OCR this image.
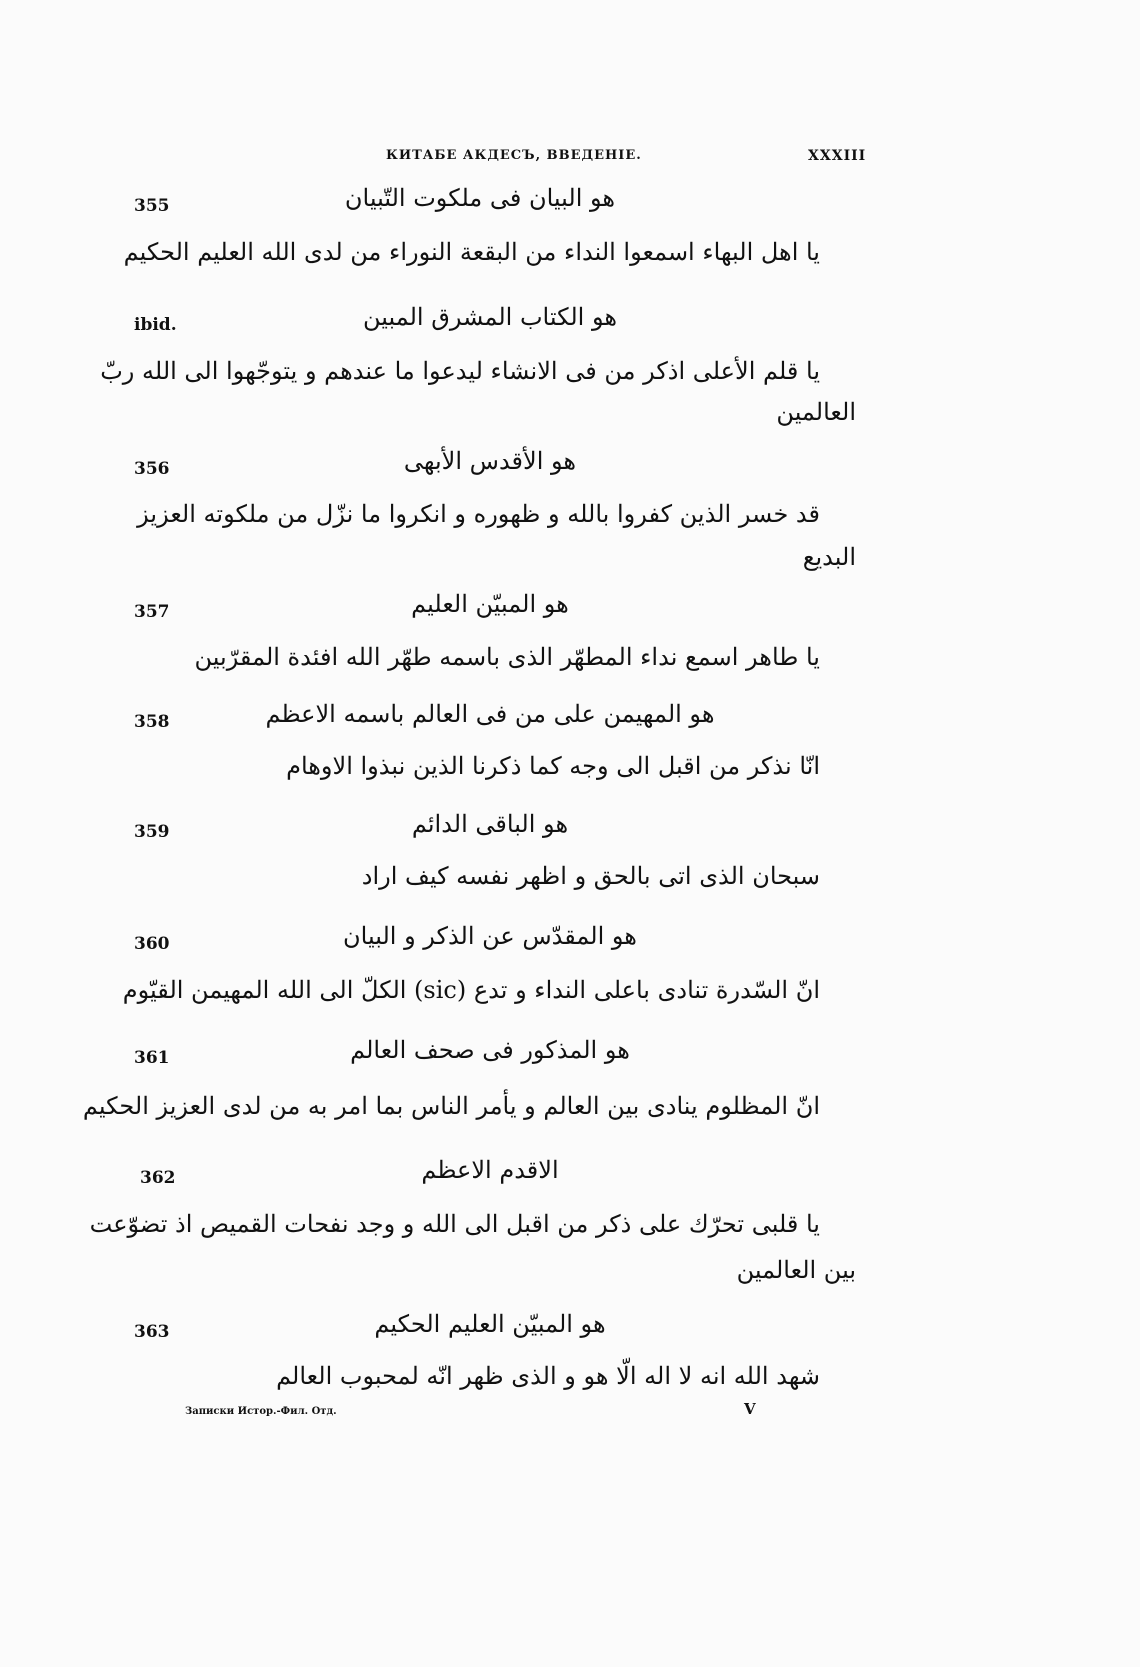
КИТАБЕ АКДЕСЪ, ВВЕДЕНІЕ.	XXXIII
355	هو البيان فى ملكوت التّبيان
يا اهل البهاء اسمعوا النداء من البقعة النوراء من لدى الله العليم الحكيم
ibid.	هو الكتاب المشرق المبين
يا قلم الأعلى اذكر من فى الانشاء ليدعوا ما عندهم و يتوجّهوا الى الله ربّ
العالمين
356	هو الأقدس الأبهى
قد خسر الذين كفروا بالله و ظهوره و انكروا ما نزّل من ملكوته العزيز
البديع
357	هو المبيّن العليم
يا طاهر اسمع نداء المطهّر الذى باسمه طهّر الله افئدة المقرّبين
358	هو المهيمن على من فى العالم باسمه الاعظم
انّا نذكر من اقبل الى وجه كما ذكرنا الذين نبذوا الاوهام
359	هو الباقى الدائم
سبحان الذى اتى بالحق و اظهر نفسه كيف اراد
360	هو المقدّس عن الذكر و البيان
انّ السّدرة تنادى باعلى النداء و تدع (sic) الكلّ الى الله المهيمن القيّوم
361	هو المذكور فى صحف العالم
انّ المظلوم ينادى بين العالم و يأمر الناس بما امر به من لدى العزيز الحكيم
362	الاقدم الاعظم
يا قلبى تحرّك على ذكر من اقبل الى الله و وجد نفحات القميص اذ تضوّعت
بين العالمين
363	هو المبيّن العليم الحكيم
شهد الله انه لا اله الّا هو و الذى ظهر انّه لمحبوب العالم
Записки Истор.-Фил. Отд.	V
